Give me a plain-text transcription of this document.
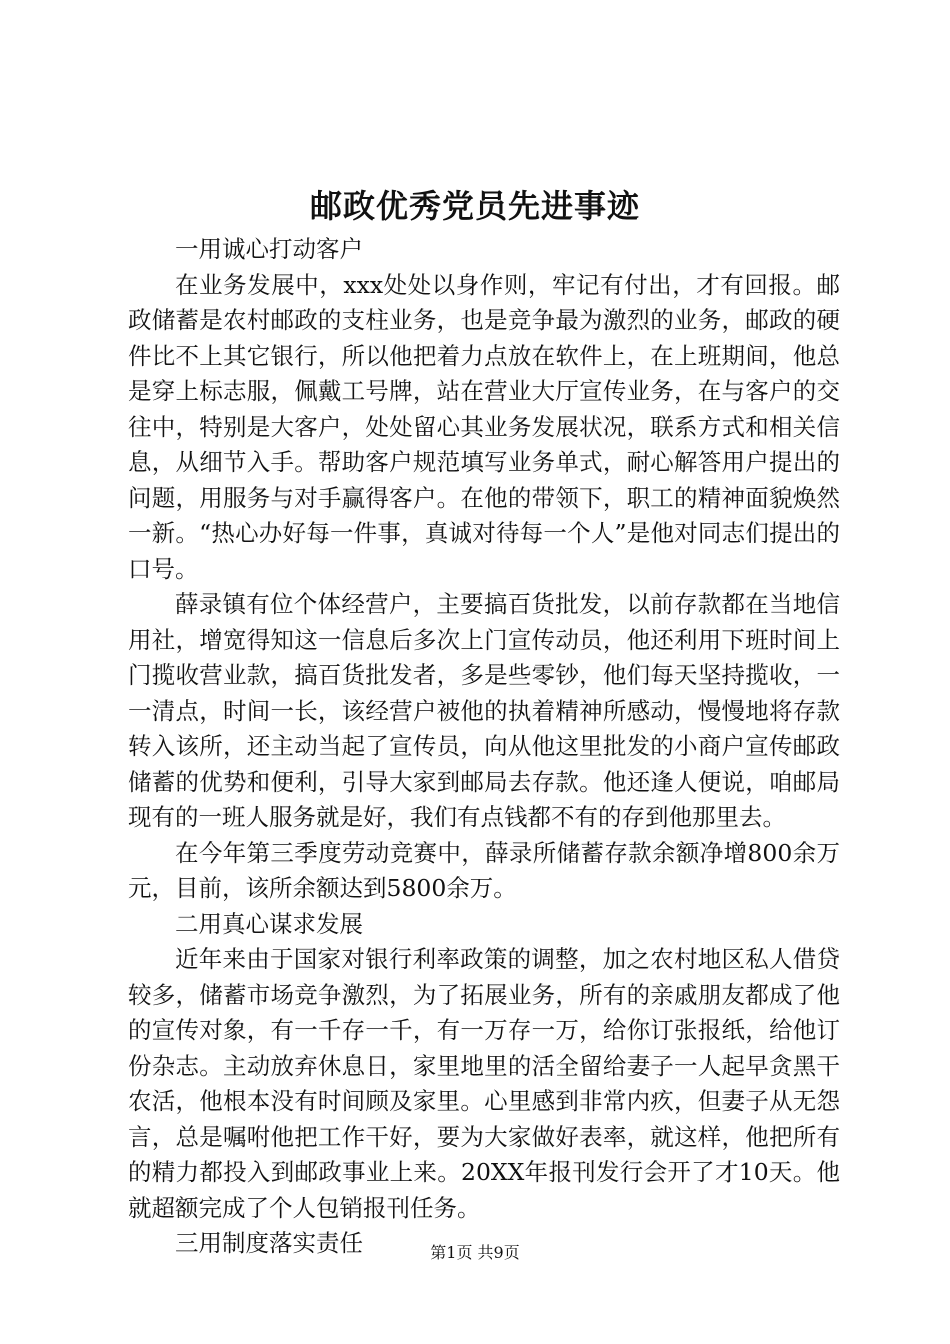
邮政优秀党员先进事迹

一用诚心打动客户

在业务发展中，xxx处处以身作则，牢记有付出，才有回报。邮政储蓄是农村邮政的支柱业务，也是竞争最为激烈的业务，邮政的硬件比不上其它银行，所以他把着力点放在软件上，在上班期间，他总是穿上标志服，佩戴工号牌，站在营业大厅宣传业务，在与客户的交往中，特别是大客户，处处留心其业务发展状况，联系方式和相关信息，从细节入手。帮助客户规范填写业务单式，耐心解答用户提出的问题，用服务与对手赢得客户。在他的带领下，职工的精神面貌焕然一新。“热心办好每一件事，真诚对待每一个人”是他对同志们提出的口号。

薛录镇有位个体经营户，主要搞百货批发，以前存款都在当地信用社，增宽得知这一信息后多次上门宣传动员，他还利用下班时间上门揽收营业款，搞百货批发者，多是些零钞，他们每天坚持揽收，一一清点，时间一长，该经营户被他的执着精神所感动，慢慢地将存款转入该所，还主动当起了宣传员，向从他这里批发的小商户宣传邮政储蓄的优势和便利，引导大家到邮局去存款。他还逢人便说，咱邮局现有的一班人服务就是好，我们有点钱都不有的存到他那里去。

在今年第三季度劳动竞赛中，薛录所储蓄存款余额净增800余万元，目前，该所余额达到5800余万。

二用真心谋求发展

近年来由于国家对银行利率政策的调整，加之农村地区私人借贷较多，储蓄市场竞争激烈，为了拓展业务，所有的亲戚朋友都成了他的宣传对象，有一千存一千，有一万存一万，给你订张报纸，给他订份杂志。主动放弃休息日，家里地里的活全留给妻子一人起早贪黑干农活，他根本没有时间顾及家里。心里感到非常内疚，但妻子从无怨言，总是嘱咐他把工作干好，要为大家做好表率，就这样，他把所有的精力都投入到邮政事业上来。20XX年报刊发行会开了才10天。他就超额完成了个人包销报刊任务。

三用制度落实责任	第1页 共9页
